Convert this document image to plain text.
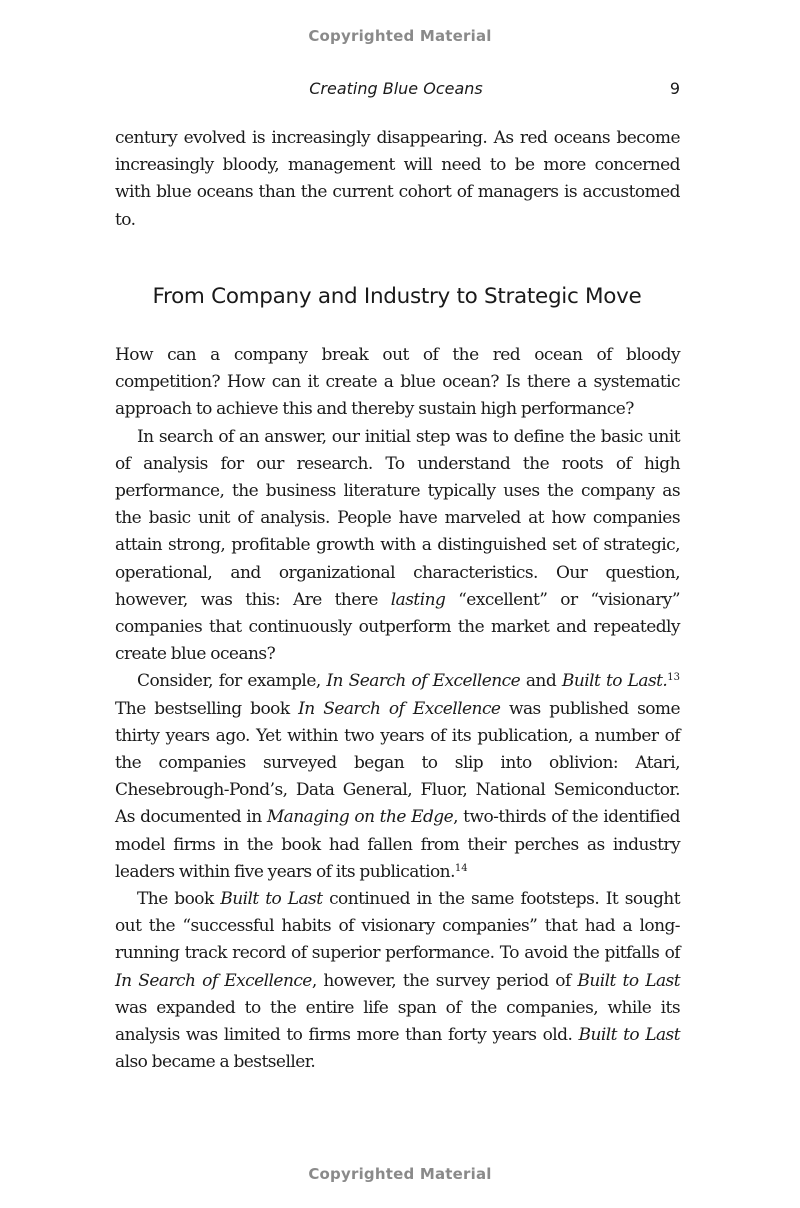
Copyrighted Material
Creating Blue Oceans	9

century evolved is increasingly disappearing. As red oceans become increasingly bloody, management will need to be more concerned with blue oceans than the current cohort of managers is accustomed to.

From Company and Industry to Strategic Move

How can a company break out of the red ocean of bloody competition? How can it create a blue ocean? Is there a systematic approach to achieve this and thereby sustain high performance?

In search of an answer, our initial step was to define the basic unit of analysis for our research. To understand the roots of high performance, the business literature typically uses the company as the basic unit of analysis. People have marveled at how companies attain strong, profitable growth with a distinguished set of strategic, operational, and organizational characteristics. Our question, however, was this: Are there lasting “excellent” or “visionary” companies that continuously outperform the market and repeatedly create blue oceans?

Consider, for example, In Search of Excellence and Built to Last.$^{13}$ The bestselling book In Search of Excellence was published some thirty years ago. Yet within two years of its publication, a number of the companies surveyed began to slip into oblivion: Atari, Chesebrough-Pond’s, Data General, Fluor, National Semiconductor. As documented in Managing on the Edge, two-thirds of the identified model firms in the book had fallen from their perches as industry leaders within five years of its publication.$^{14}$

The book Built to Last continued in the same footsteps. It sought out the “successful habits of visionary companies” that had a long-running track record of superior performance. To avoid the pitfalls of In Search of Excellence, however, the survey period of Built to Last was expanded to the entire life span of the companies, while its analysis was limited to firms more than forty years old. Built to Last also became a bestseller.

Copyrighted Material
